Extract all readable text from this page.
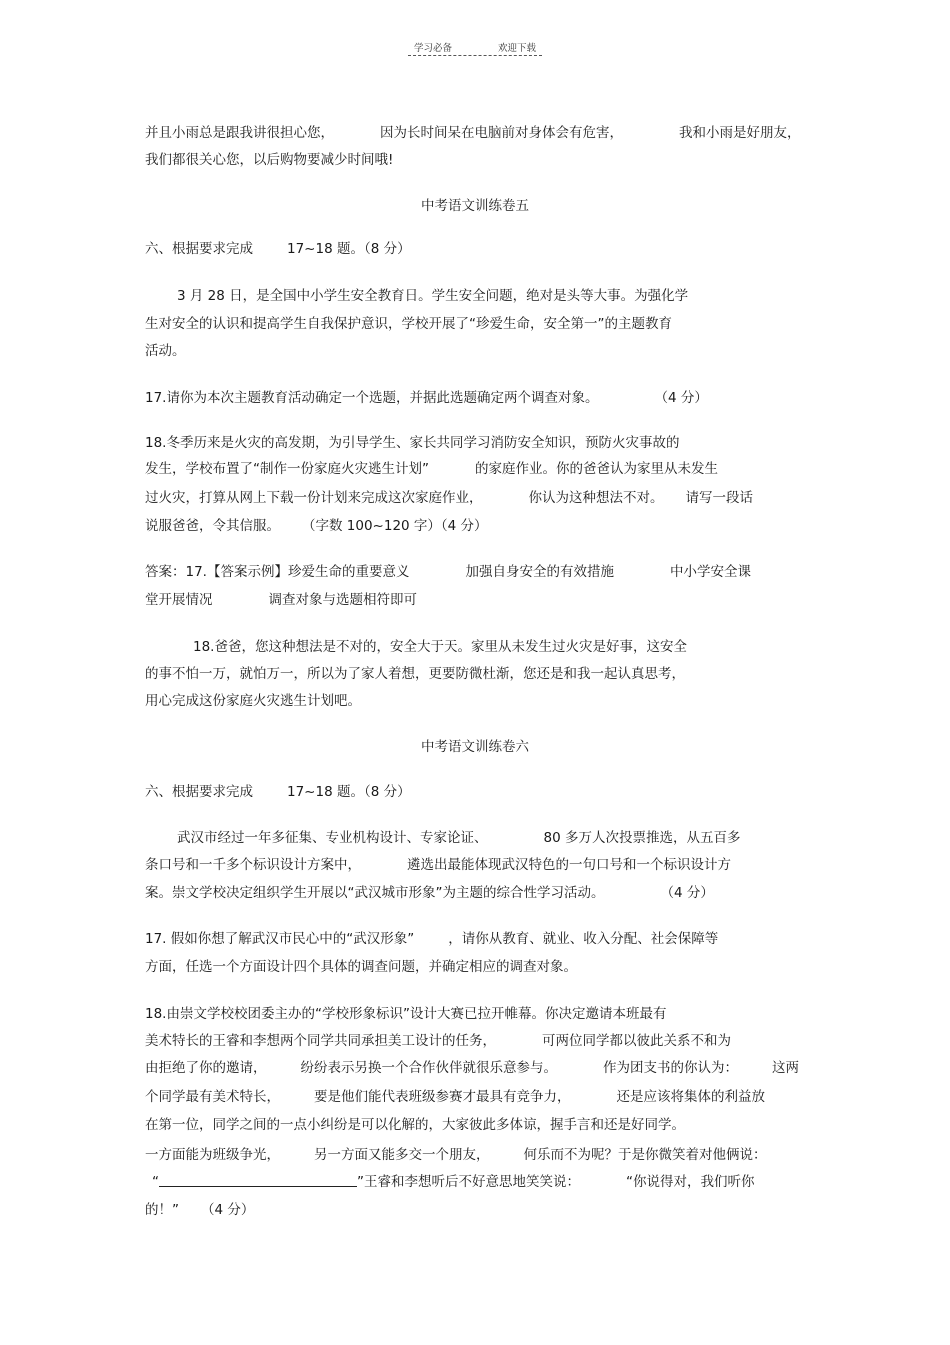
学习必备	欢迎下载
并且小雨总是跟我讲很担心您，	因为长时间呆在电脑前对身体会有危害，	我和小雨是好朋友，
我们都很关心您，以后购物要减少时间哦!
中考语文训练卷五
六、根据要求完成	17~18 题。（8 分）
3 月 28 日，是全国中小学生安全教育日。学生安全问题，绝对是头等大事。为强化学
生对安全的认识和提高学生自我保护意识，学校开展了“珍爱生命，安全第一”的主题教育
活动。
17.请你为本次主题教育活动确定一个选题，并据此选题确定两个调查对象。	（4 分）
18.冬季历来是火灾的高发期，为引导学生、家长共同学习消防安全知识，预防火灾事故的
发生，学校布置了“制作一份家庭火灾逃生计划”	的家庭作业。你的爸爸认为家里从未发生
过火灾，打算从网上下载一份计划来完成这次家庭作业，	你认为这种想法不对。 请写一段话
说服爸爸，令其信服。 （字数 100~120 字）（4 分）
答案：17.【答案示例】珍爱生命的重要意义	加强自身安全的有效措施	中小学安全课
堂开展情况	调查对象与选题相符即可
18.爸爸，您这种想法是不对的，安全大于天。家里从未发生过火灾是好事，这安全
的事不怕一万，就怕万一，所以为了家人着想，更要防微杜渐，您还是和我一起认真思考，
用心完成这份家庭火灾逃生计划吧。
中考语文训练卷六
六、根据要求完成	17~18 题。（8 分）
武汉市经过一年多征集、专业机构设计、专家论证、	80 多万人次投票推选，从五百多
条口号和一千多个标识设计方案中，	遴选出最能体现武汉特色的一句口号和一个标识设计方
案。崇文学校决定组织学生开展以“武汉城市形象”为主题的综合性学习活动。	（4 分）
17. 假如你想了解武汉市民心中的“武汉形象”	，请你从教育、就业、收入分配、社会保障等
方面，任选一个方面设计四个具体的调查问题，并确定相应的调查对象。
18.由崇文学校校团委主办的“学校形象标识”设计大赛已拉开帷幕。你决定邀请本班最有
美术特长的王睿和李想两个同学共同承担美工设计的任务，	可两位同学都以彼此关系不和为
由拒绝了你的邀请，	纷纷表示另换一个合作伙伴就很乐意参与。	作为团支书的你认为：	这两
个同学最有美术特长，	要是他们能代表班级参赛才最具有竞争力，	还是应该将集体的利益放
在第一位，同学之间的一点小纠纷是可以化解的，大家彼此多体谅，握手言和还是好同学。
一方面能为班级争光，	另一方面又能多交一个朋友，	何乐而不为呢？于是你微笑着对他俩说：
“	”王睿和李想听后不好意思地笑笑说：	“你说得对，我们听你
的！” （4 分）
